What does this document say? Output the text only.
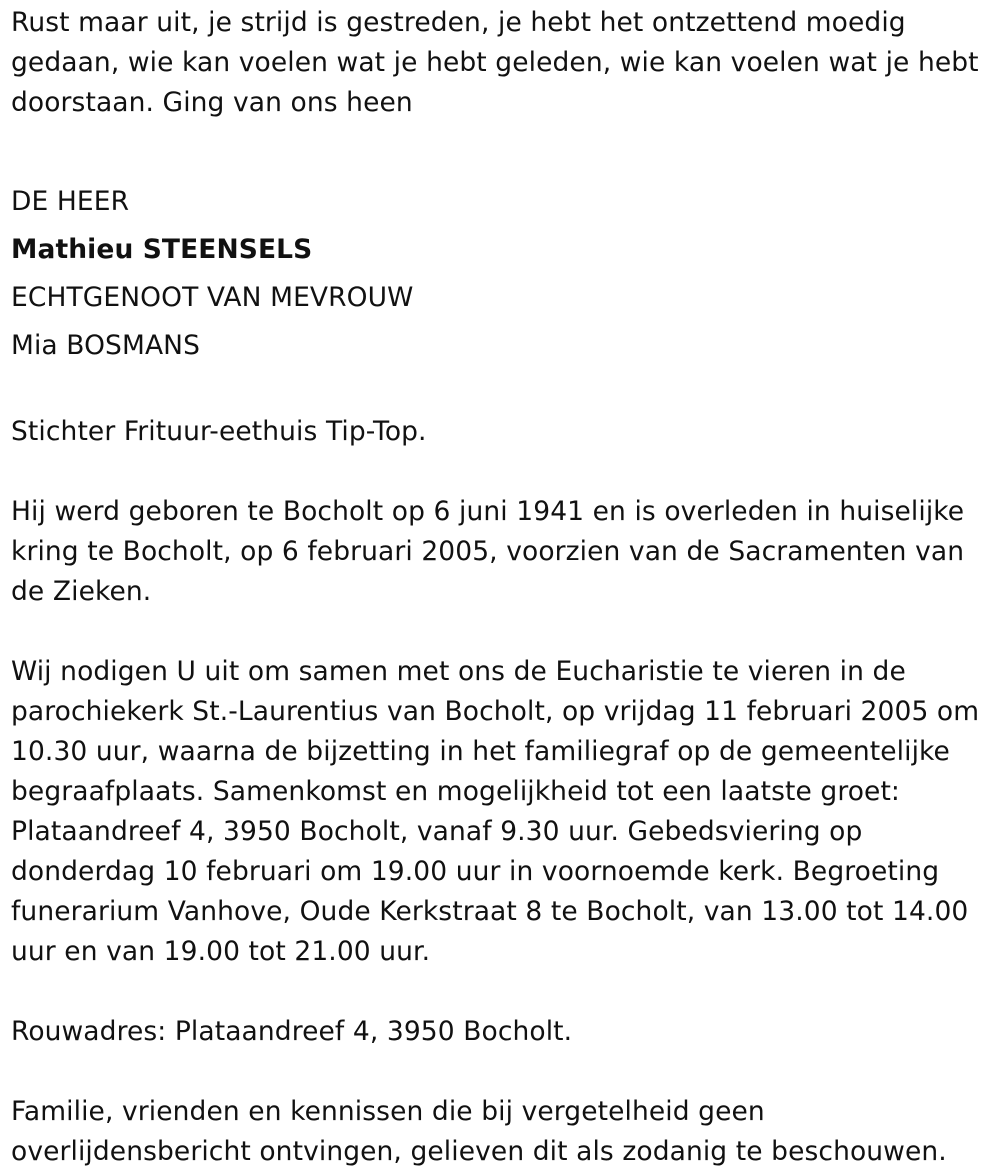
Rust maar uit, je strijd is gestreden, je hebt het ontzettend moedig gedaan, wie kan voelen wat je hebt geleden, wie kan voelen wat je hebt doorstaan. Ging van ons heen

DE HEER

Mathieu STEENSELS

ECHTGENOOT VAN MEVROUW

Mia BOSMANS

Stichter Frituur-eethuis Tip-Top.

Hij werd geboren te Bocholt op 6 juni 1941 en is overleden in huiselijke kring te Bocholt, op 6 februari 2005, voorzien van de Sacramenten van de Zieken.

Wij nodigen U uit om samen met ons de Eucharistie te vieren in de parochiekerk St.-Laurentius van Bocholt, op vrijdag 11 februari 2005 om 10.30 uur, waarna de bijzetting in het familiegraf op de gemeentelijke begraafplaats. Samenkomst en mogelijkheid tot een laatste groet: Plataandreef 4, 3950 Bocholt, vanaf 9.30 uur. Gebedsviering op donderdag 10 februari om 19.00 uur in voornoemde kerk. Begroeting funerarium Vanhove, Oude Kerkstraat 8 te Bocholt, van 13.00 tot 14.00 uur en van 19.00 tot 21.00 uur.

Rouwadres: Plataandreef 4, 3950 Bocholt.

Familie, vrienden en kennissen die bij vergetelheid geen overlijdensbericht ontvingen, gelieven dit als zodanig te beschouwen.
